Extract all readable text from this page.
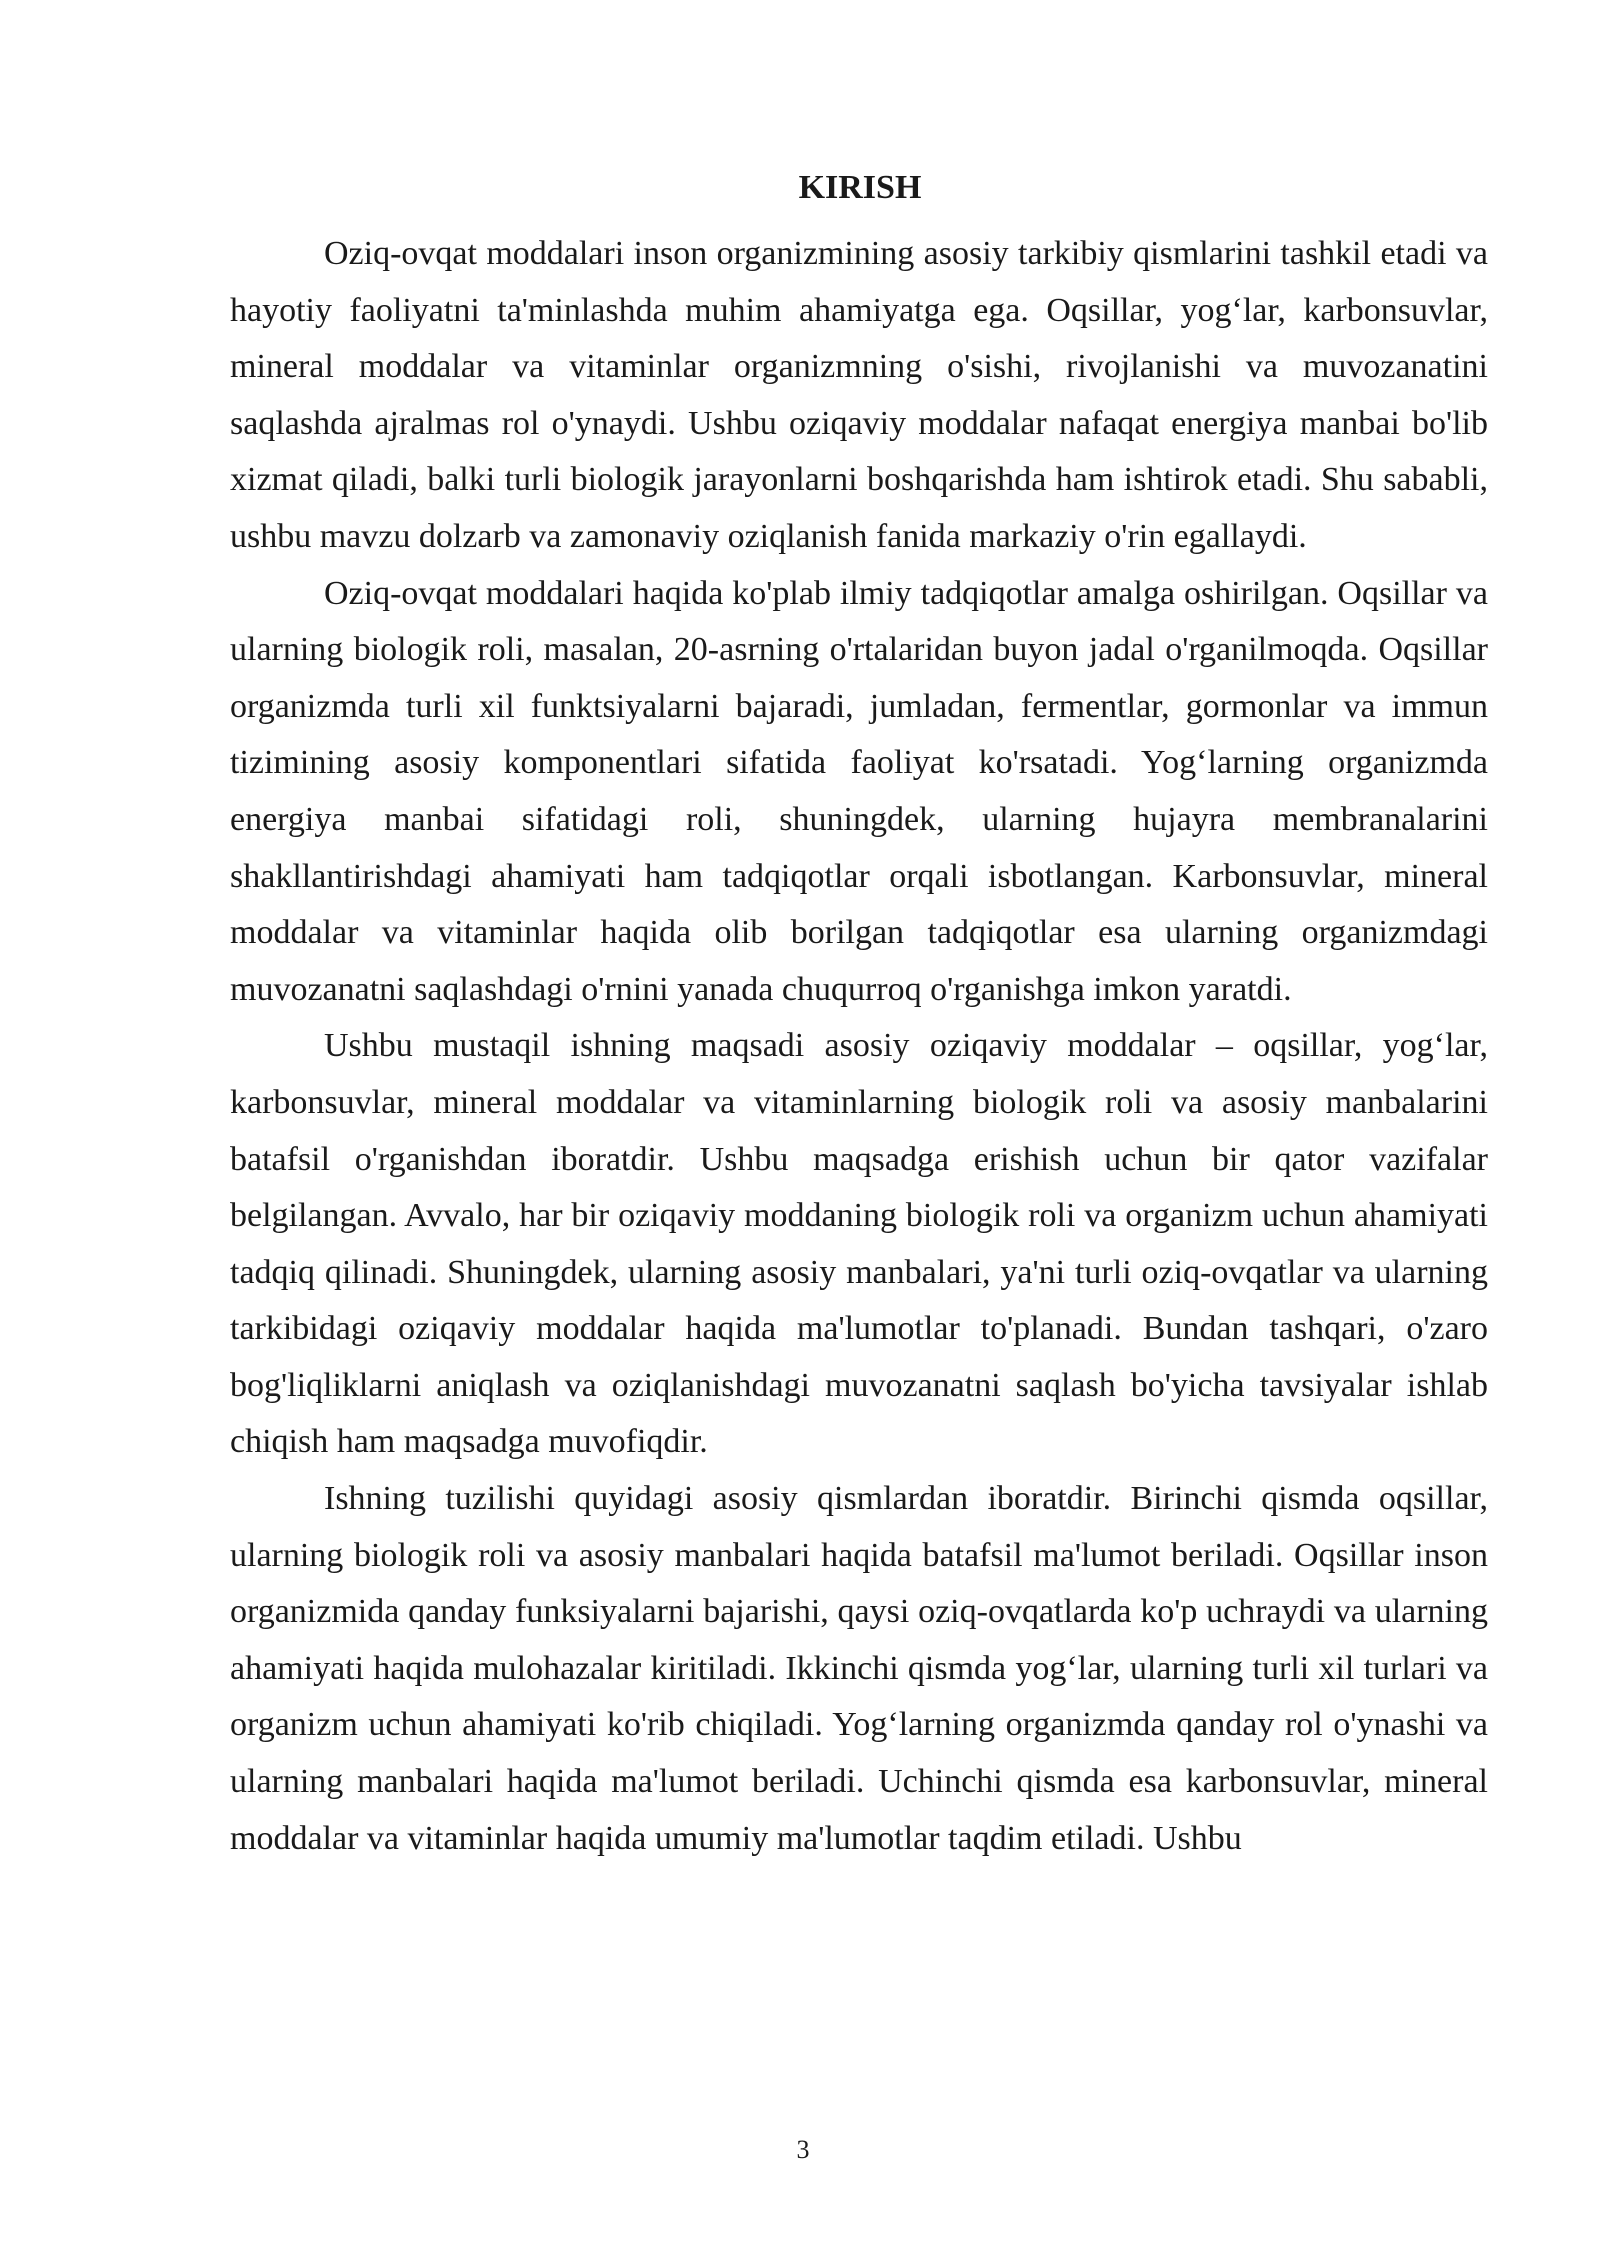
KIRISH

Oziq-ovqat moddalari inson organizmining asosiy tarkibiy qismlarini tashkil etadi va hayotiy faoliyatni ta'minlashda muhim ahamiyatga ega. Oqsillar, yog‘lar, karbonsuvlar, mineral moddalar va vitaminlar organizmning o'sishi, rivojlanishi va muvozanatini saqlashda ajralmas rol o'ynaydi. Ushbu oziqaviy moddalar nafaqat energiya manbai bo'lib xizmat qiladi, balki turli biologik jarayonlarni boshqarishda ham ishtirok etadi. Shu sababli, ushbu mavzu dolzarb va zamonaviy oziqlanish fanida markaziy o'rin egallaydi.

Oziq-ovqat moddalari haqida ko'plab ilmiy tadqiqotlar amalga oshirilgan. Oqsillar va ularning biologik roli, masalan, 20-asrning o'rtalaridan buyon jadal o'rganilmoqda. Oqsillar organizmda turli xil funktsiyalarni bajaradi, jumladan, fermentlar, gormonlar va immun tizimining asosiy komponentlari sifatida faoliyat ko'rsatadi. Yog‘larning organizmda energiya manbai sifatidagi roli, shuningdek, ularning hujayra membranalarini shakllantirishdagi ahamiyati ham tadqiqotlar orqali isbotlangan. Karbonsuvlar, mineral moddalar va vitaminlar haqida olib borilgan tadqiqotlar esa ularning organizmdagi muvozanatni saqlashdagi o'rnini yanada chuqurroq o'rganishga imkon yaratdi.

Ushbu mustaqil ishning maqsadi asosiy oziqaviy moddalar – oqsillar, yog‘lar, karbonsuvlar, mineral moddalar va vitaminlarning biologik roli va asosiy manbalarini batafsil o'rganishdan iboratdir. Ushbu maqsadga erishish uchun bir qator vazifalar belgilangan. Avvalo, har bir oziqaviy moddaning biologik roli va organizm uchun ahamiyati tadqiq qilinadi. Shuningdek, ularning asosiy manbalari, ya'ni turli oziq-ovqatlar va ularning tarkibidagi oziqaviy moddalar haqida ma'lumotlar to'planadi. Bundan tashqari, o'zaro bog'liqliklarni aniqlash va oziqlanishdagi muvozanatni saqlash bo'yicha tavsiyalar ishlab chiqish ham maqsadga muvofiqdir.

Ishning tuzilishi quyidagi asosiy qismlardan iboratdir. Birinchi qismda oqsillar, ularning biologik roli va asosiy manbalari haqida batafsil ma'lumot beriladi. Oqsillar inson organizmida qanday funksiyalarni bajarishi, qaysi oziq-ovqatlarda ko'p uchraydi va ularning ahamiyati haqida mulohazalar kiritiladi. Ikkinchi qismda yog‘lar, ularning turli xil turlari va organizm uchun ahamiyati ko'rib chiqiladi. Yog‘larning organizmda qanday rol o'ynashi va ularning manbalari haqida ma'lumot beriladi. Uchinchi qismda esa karbonsuvlar, mineral moddalar va vitaminlar haqida umumiy ma'lumotlar taqdim etiladi. Ushbu

3
